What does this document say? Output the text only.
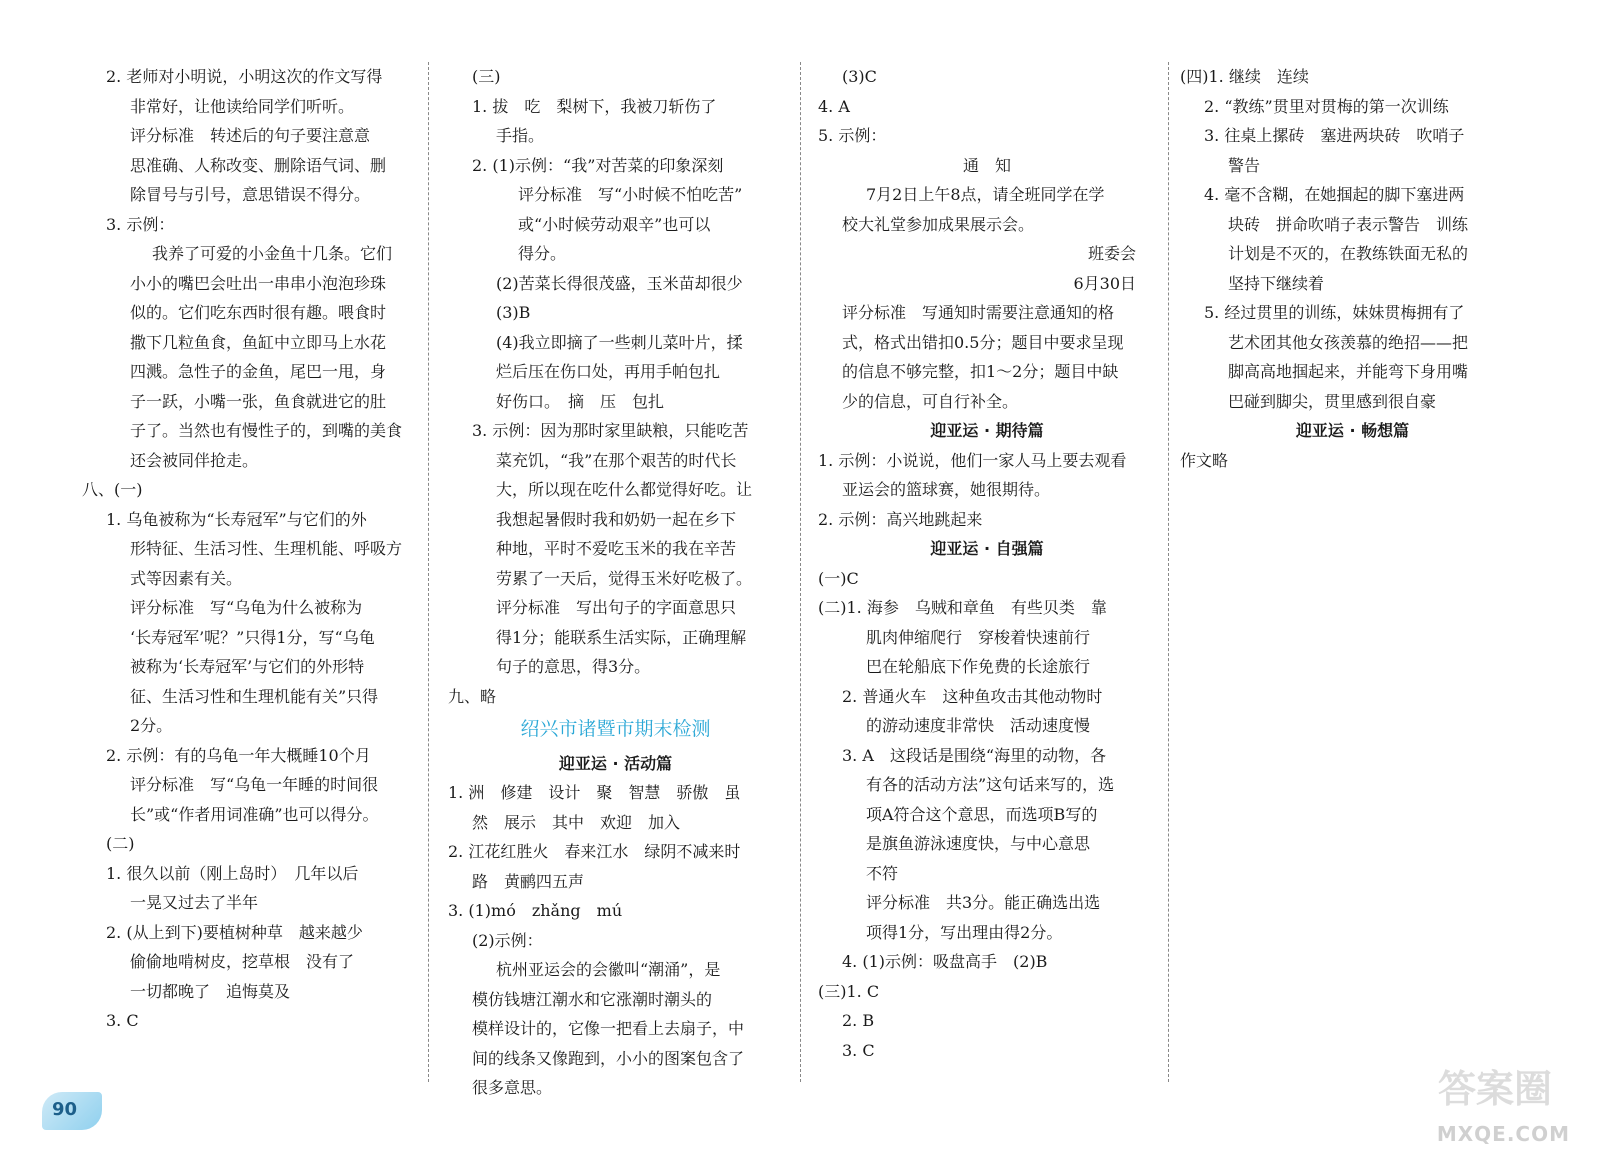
2. 老师对小明说，小明这次的作文写得

非常好，让他读给同学们听听。

评分标准　转述后的句子要注意意

思准确、人称改变、删除语气词、删

除冒号与引号，意思错误不得分。

3. 示例：

我养了可爱的小金鱼十几条。它们

小小的嘴巴会吐出一串串小泡泡珍珠

似的。它们吃东西时很有趣。喂食时

撒下几粒鱼食，鱼缸中立即马上水花

四溅。急性子的金鱼，尾巴一甩，身

子一跃，小嘴一张，鱼食就进它的肚

子了。当然也有慢性子的，到嘴的美食

还会被同伴抢走。

八、(一)

1. 乌龟被称为“长寿冠军”与它们的外

形特征、生活习性、生理机能、呼吸方

式等因素有关。

评分标准　写“乌龟为什么被称为

‘长寿冠军’呢？”只得1分，写“乌龟

被称为‘长寿冠军’与它们的外形特

征、生活习性和生理机能有关”只得

2分。

2. 示例：有的乌龟一年大概睡10个月

评分标准　写“乌龟一年睡的时间很

长”或“作者用词准确”也可以得分。

(二)

1. 很久以前（刚上岛时）　几年以后

一晃又过去了半年

2. (从上到下)要植树种草　越来越少

偷偷地啃树皮，挖草根　没有了

一切都晚了　追悔莫及

3. C

(三)

1. 拔　吃　梨树下，我被刀斩伤了

手指。

2. (1)示例：“我”对苦菜的印象深刻

评分标准　写“小时候不怕吃苦”

或“小时候劳动艰辛”也可以

得分。

(2)苦菜长得很茂盛，玉米苗却很少

(3)B

(4)我立即摘了一些刺儿菜叶片，揉

烂后压在伤口处，再用手帕包扎

好伤口。　摘　压　包扎

3. 示例：因为那时家里缺粮，只能吃苦

菜充饥，“我”在那个艰苦的时代长

大，所以现在吃什么都觉得好吃。让

我想起暑假时我和奶奶一起在乡下

种地，平时不爱吃玉米的我在辛苦

劳累了一天后，觉得玉米好吃极了。

评分标准　写出句子的字面意思只

得1分；能联系生活实际，正确理解

句子的意思，得3分。

九、略

绍兴市诸暨市期末检测

迎亚运 · 活动篇

1. 洲　修建　设计　聚　智慧　骄傲　虽

然　展示　其中　欢迎　加入

2. 江花红胜火　春来江水　绿阴不减来时

路　黄鹂四五声

3. (1)mó　zhǎng　mú

(2)示例：

杭州亚运会的会徽叫“潮涌”，是

模仿钱塘江潮水和它涨潮时潮头的

模样设计的，它像一把看上去扇子，中

间的线条又像跑到，小小的图案包含了

很多意思。

(3)C

4. A

5. 示例：

通　知

7月2日上午8点，请全班同学在学

校大礼堂参加成果展示会。

班委会

6月30日

评分标准　写通知时需要注意通知的格

式，格式出错扣0.5分；题目中要求呈现

的信息不够完整，扣1～2分；题目中缺

少的信息，可自行补全。

迎亚运 · 期待篇

1. 示例：小说说，他们一家人马上要去观看

亚运会的篮球赛，她很期待。

2. 示例：高兴地跳起来

迎亚运 · 自强篇

(一)C

(二)1. 海参　乌贼和章鱼　有些贝类　靠

肌肉伸缩爬行　穿梭着快速前行

巴在轮船底下作免费的长途旅行

2. 普通火车　这种鱼攻击其他动物时

的游动速度非常快　活动速度慢

3. A　这段话是围绕“海里的动物，各

有各的活动方法”这句话来写的，选

项A符合这个意思，而选项B写的

是旗鱼游泳速度快，与中心意思

不符

评分标准　共3分。能正确选出选

项得1分，写出理由得2分。

4. (1)示例：吸盘高手　(2)B

(三)1. C

2. B

3. C

(四)1. 继续　连续

2. “教练”贯里对贯梅的第一次训练

3. 往桌上摞砖　塞进两块砖　吹哨子

警告

4. 毫不含糊，在她掴起的脚下塞进两

块砖　拼命吹哨子表示警告　训练

计划是不灭的，在教练铁面无私的

坚持下继续着

5. 经过贯里的训练，妹妹贯梅拥有了

艺术团其他女孩羡慕的绝招——把

脚高高地掴起来，并能弯下身用嘴

巴碰到脚尖，贯里感到很自豪

迎亚运 · 畅想篇

作文略

90	答案圈
MXQE.COM
